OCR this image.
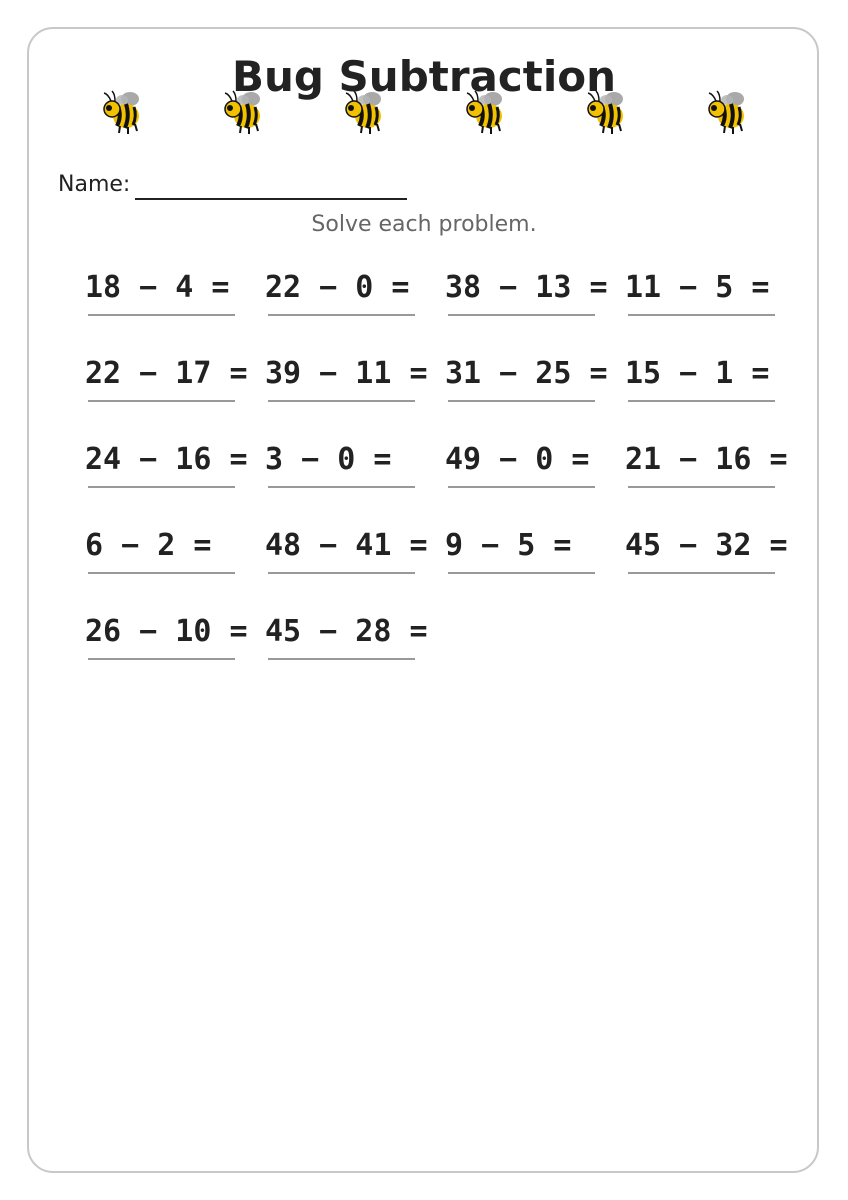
Bug Subtraction
Name:
Solve each problem.
18 − 4 = 22 − 0 = 38 − 13 = 11 − 5 =
22 − 17 = 39 − 11 = 31 − 25 = 15 − 1 =
24 − 16 = 3 − 0 = 49 − 0 = 21 − 16 =
6 − 2 = 48 − 41 = 9 − 5 = 45 − 32 =
26 − 10 = 45 − 28 =
